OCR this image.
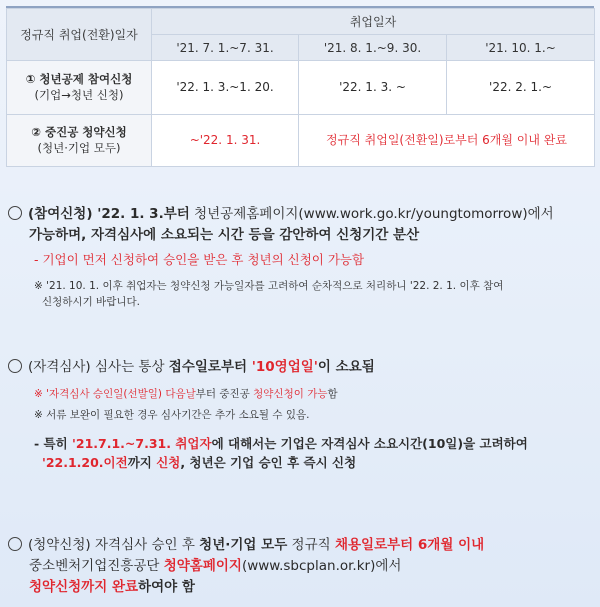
정규직 취업(전환)일자	취업일자		
	'21. 7. 1.~7. 31.	'21. 8. 1.~9. 30.	'21. 10. 1.~

① 청년공제 참여신청
(기업→청년 신청)	'22. 1. 3.~1. 20.	'22. 1. 3. ~	'22. 2. 1.~

② 중진공 청약신청
(청년·기업 모두)	~'22. 1. 31.	정규직 취업일(전환일)로부터 6개월 이내 완료	
(참여신청) '22. 1. 3.부터 청년공제홈페이지(www.work.go.kr/youngtomorrow)에서
가능하며, 자격심사에 소요되는 시간 등을 감안하여 신청기간 분산
- 기업이 먼저 신청하여 승인을 받은 후 청년의 신청이 가능함
※ '21. 10. 1. 이후 취업자는 청약신청 가능일자를 고려하여 순차적으로 처리하니 '22. 2. 1. 이후 참여
신청하시기 바랍니다.
(자격심사) 심사는 통상 접수일로부터 '10영업일'이 소요됨
※ '자격심사 승인일(선발일) 다음날부터 중진공 청약신청이 가능함
※ 서류 보완이 필요한 경우 심사기간은 추가 소요될 수 있음.
- 특히 '21.7.1.~7.31. 취업자에 대해서는 기업은 자격심사 소요시간(10일)을 고려하여
'22.1.20.이전까지 신청, 청년은 기업 승인 후 즉시 신청
(청약신청) 자격심사 승인 후 청년·기업 모두 정규직 채용일로부터 6개월 이내
중소벤처기업진흥공단 청약홈페이지(www.sbcplan.or.kr)에서
청약신청까지 완료하여야 함
